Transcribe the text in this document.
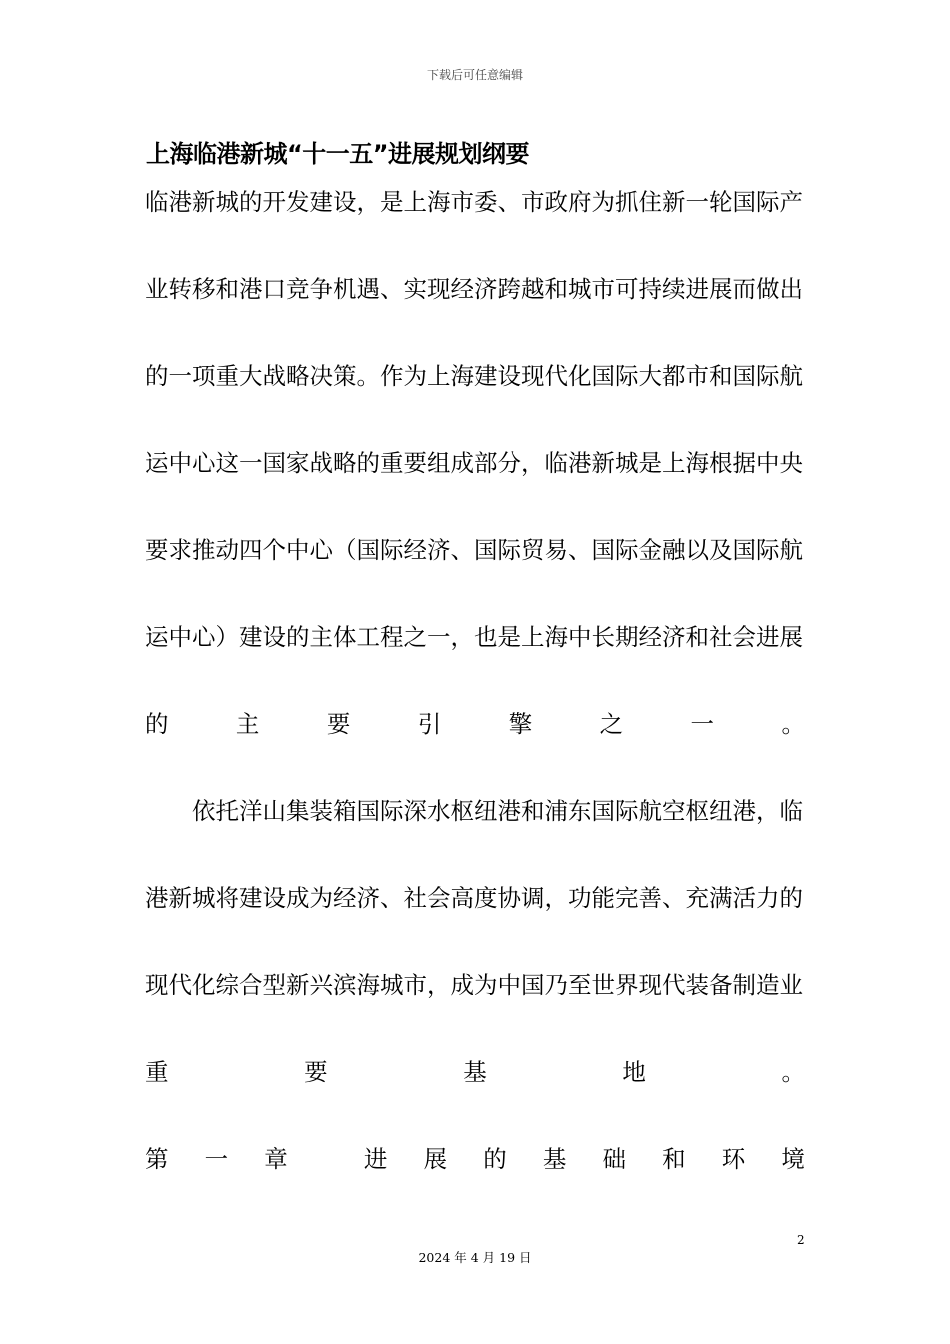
下载后可任意编辑
上海临港新城“十一五”进展规划纲要
临港新城的开发建设，是上海市委、市政府为抓住新一轮国际产
业转移和港口竞争机遇、实现经济跨越和城市可持续进展而做出
的一项重大战略决策。作为上海建设现代化国际大都市和国际航
运中心这一国家战略的重要组成部分，临港新城是上海根据中央
要求推动四个中心（国际经济、国际贸易、国际金融以及国际航
运中心）建设的主体工程之一，也是上海中长期经济和社会进展
的	主	要	引	擎	之	一	。
依托洋山集装箱国际深水枢纽港和浦东国际航空枢纽港，临
港新城将建设成为经济、社会高度协调，功能完善、充满活力的
现代化综合型新兴滨海城市，成为中国乃至世界现代装备制造业
重	要	基	地	。
第 一 章	进 展 的 基 础 和 环 境
2
2024 年 4 月 19 日
